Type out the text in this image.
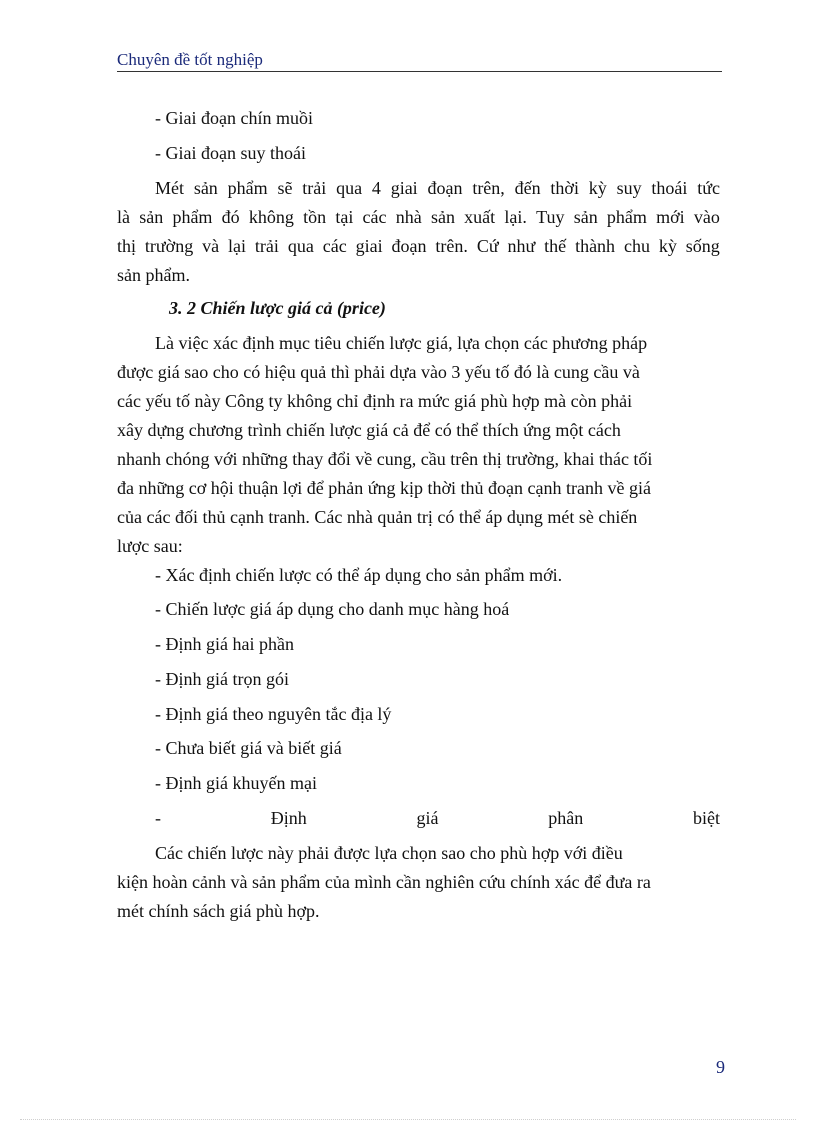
Chuyên đề tốt nghiệp
- Giai đoạn chín muồi
- Giai đoạn suy thoái
Mét sản phẩm sẽ trải qua 4 giai đoạn trên, đến thời kỳ suy thoái tức
là sản phẩm đó không tồn tại các nhà sản xuất lại. Tuy sản phẩm mới vào
thị trường và lại trải qua các giai đoạn trên. Cứ như thế thành chu kỳ sống
sản phẩm.
3. 2 Chiến lược giá cả (price)
Là việc xác định mục tiêu chiến lược giá, lựa chọn các phương pháp
được giá sao cho có hiệu quả thì phải dựa vào 3 yếu tố đó là cung cầu và
các yếu tố này Công ty không chỉ định ra mức giá phù hợp mà còn phải
xây dựng chương trình chiến lược giá cả để có thể thích ứng một cách
nhanh chóng với những thay đổi về cung, cầu trên thị trường, khai thác tối
đa những cơ hội thuận lợi để phản ứng kịp thời thủ đoạn cạnh tranh về giá
của các đối thủ cạnh tranh. Các nhà quản trị có thể áp dụng mét sè chiến
lược sau:
- Xác định chiến lược có thể áp dụng cho sản phẩm mới.
- Chiến lược giá áp dụng cho danh mục hàng hoá
- Định giá hai phần
- Định giá trọn gói
- Định giá theo nguyên tắc địa lý
- Chưa biết giá và biết giá
- Định giá khuyến mại
-	Định	giá	phân	biệt
Các chiến lược này phải được lựa chọn sao cho phù hợp với điều
kiện hoàn cảnh và sản phẩm của mình cần nghiên cứu chính xác để đưa ra
mét chính sách giá phù hợp.
9
